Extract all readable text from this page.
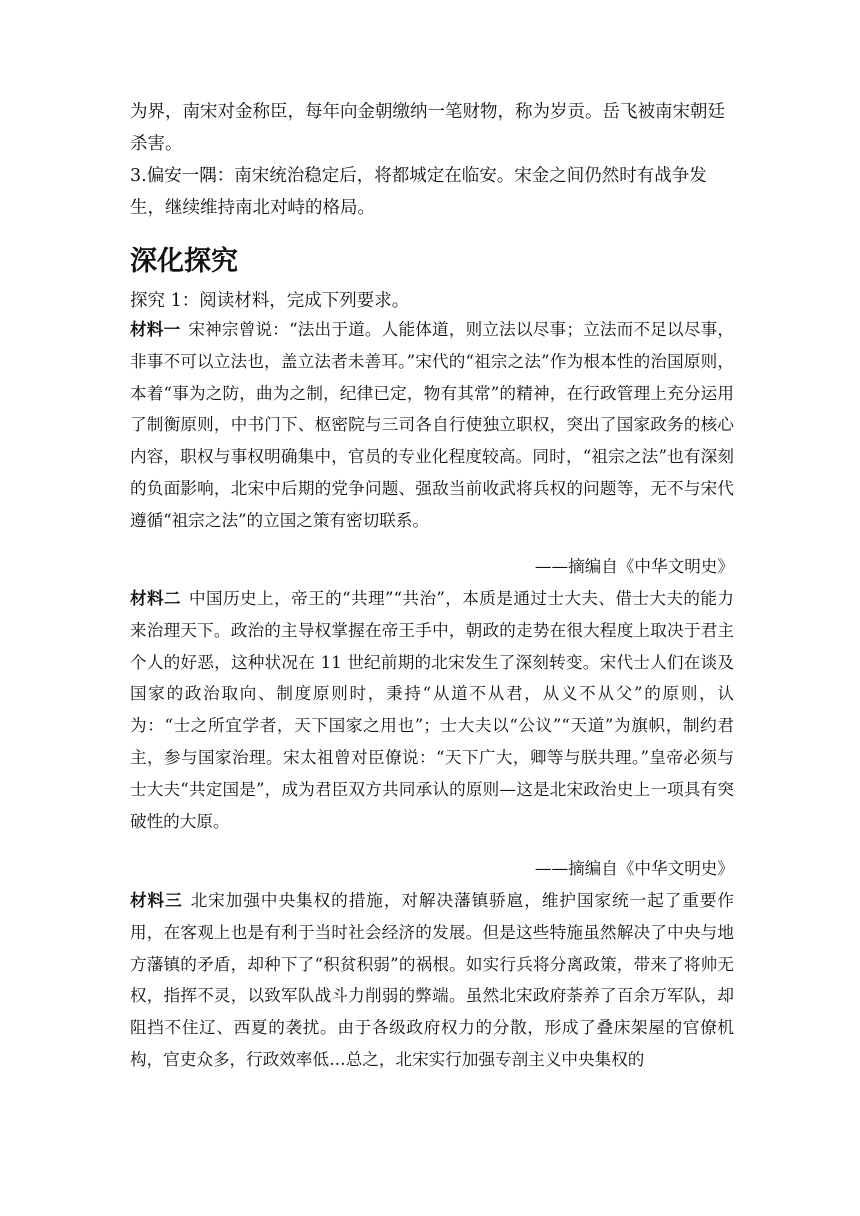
为界，南宋对金称臣，每年向金朝缴纳一笔财物，称为岁贡。岳飞被南宋朝廷杀害。
3.偏安一隅：南宋统治稳定后，将都城定在临安。宋金之间仍然时有战争发生，继续维持南北对峙的格局。

深化探究

探究 1：阅读材料，完成下列要求。

材料一 宋神宗曾说：“法出于道。人能体道，则立法以尽事；立法而不足以尽事，非事不可以立法也，盖立法者未善耳。”宋代的“祖宗之法”作为根本性的治国原则，本着“事为之防，曲为之制，纪律已定，物有其常”的精神，在行政管理上充分运用了制衡原则，中书门下、枢密院与三司各自行使独立职权，突出了国家政务的核心内容，职权与事权明确集中，官员的专业化程度较高。同时，“祖宗之法”也有深刻的负面影响，北宋中后期的党争问题、强敌当前收武将兵权的问题等，无不与宋代遵循“祖宗之法”的立国之策有密切联系。

——摘编自《中华文明史》

材料二 中国历史上，帝王的“共理”“共治”，本质是通过士大夫、借士大夫的能力来治理天下。政治的主导权掌握在帝王手中，朝政的走势在很大程度上取决于君主个人的好恶，这种状况在 11 世纪前期的北宋发生了深刻转变。宋代士人们在谈及国家的政治取向、制度原则时，秉持“从道不从君，从义不从父”的原则，认为：“士之所宜学者，天下国家之用也”；士大夫以“公议”“天道”为旗帜，制约君主，参与国家治理。宋太祖曾对臣僚说：“天下广大，卿等与朕共理。”皇帝必须与士大夫“共定国是”，成为君臣双方共同承认的原则—这是北宋政治史上一项具有突破性的大原。

——摘编自《中华文明史》

材料三 北宋加强中央集权的措施，对解决藩镇骄扈，维护国家统一起了重要作用，在客观上也是有利于当时社会经济的发展。但是这些特施虽然解决了中央与地方藩镇的矛盾，却种下了“积贫积弱”的祸根。如实行兵将分离政策，带来了将帅无权，指挥不灵，以致军队战斗力削弱的弊端。虽然北宋政府荼养了百余万军队，却阻挡不住辽、西夏的袭扰。由于各级政府权力的分散，形成了叠床架屋的官僚机构，官吏众多，行政效率低…总之，北宋实行加强专剖主义中央集权的
